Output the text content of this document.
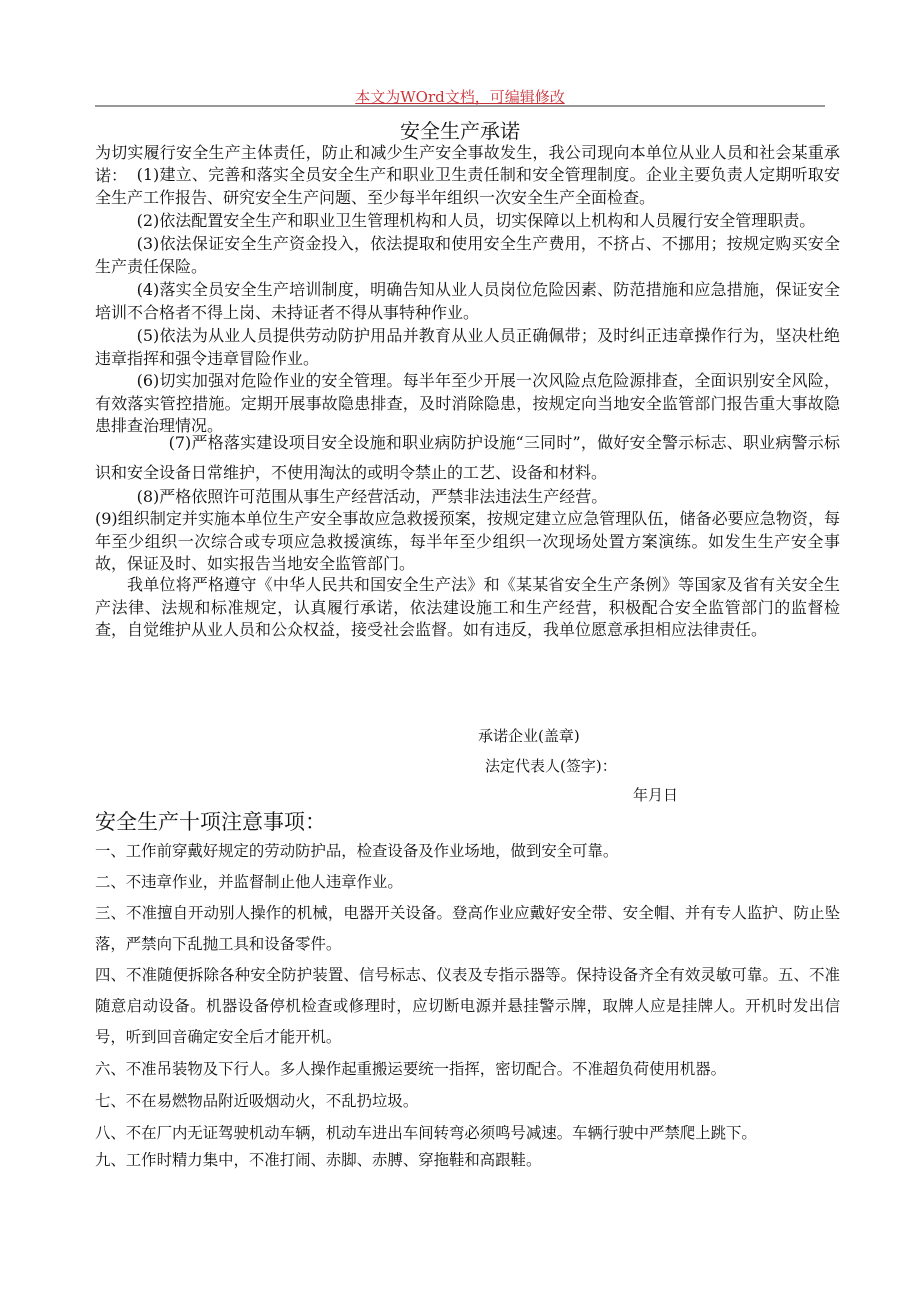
本文为WOrd文档，可编辑修改
安全生产承诺
为切实履行安全生产主体责任，防止和减少生产安全事故发生，我公司现向本单位从业人员和社会某重承诺： (1)建立、完善和落实全员安全生产和职业卫生责任制和安全管理制度。企业主要负责人定期听取安全生产工作报告、研究安全生产问题、至少每半年组织一次安全生产全面检查。
(2)依法配置安全生产和职业卫生管理机构和人员，切实保障以上机构和人员履行安全管理职责。
(3)依法保证安全生产资金投入，依法提取和使用安全生产费用，不挤占、不挪用；按规定购买安全生产责任保险。
(4)落实全员安全生产培训制度，明确告知从业人员岗位危险因素、防范措施和应急措施，保证安全培训不合格者不得上岗、未持证者不得从事特种作业。
(5)依法为从业人员提供劳动防护用品并教育从业人员正确佩带；及时纠正违章操作行为，坚决杜绝违章指挥和强令违章冒险作业。
(6)切实加强对危险作业的安全管理。每半年至少开展一次风险点危险源排查，全面识别安全风险，有效落实管控措施。定期开展事故隐患排查，及时消除隐患，按规定向当地安全监管部门报告重大事故隐患排查治理情况。
(7)严格落实建设项目安全设施和职业病防护设施“三同时”，做好安全警示标志、职业病警示标识和安全设备日常维护，不使用淘汰的或明令禁止的工艺、设备和材料。
(8)严格依照许可范围从事生产经营活动，严禁非法违法生产经营。
(9)组织制定并实施本单位生产安全事故应急救援预案，按规定建立应急管理队伍，储备必要应急物资，每年至少组织一次综合或专项应急救援演练，每半年至少组织一次现场处置方案演练。如发生生产安全事故，保证及时、如实报告当地安全监管部门。
我单位将严格遵守《中华人民共和国安全生产法》和《某某省安全生产条例》等国家及省有关安全生产法律、法规和标准规定，认真履行承诺，依法建设施工和生产经营，积极配合安全监管部门的监督检查，自觉维护从业人员和公众权益，接受社会监督。如有违反，我单位愿意承担相应法律责任。
承诺企业(盖章)
法定代表人(签字)：
年月日
安全生产十项注意事项：
一、工作前穿戴好规定的劳动防护品，检查设备及作业场地，做到安全可靠。
二、不违章作业，并监督制止他人违章作业。
三、不准擅自开动别人操作的机械，电器开关设备。登高作业应戴好安全带、安全帽、并有专人监护、防止坠落，严禁向下乱抛工具和设备零件。
四、不准随便拆除各种安全防护装置、信号标志、仪表及专指示器等。保持设备齐全有效灵敏可靠。五、不准随意启动设备。机器设备停机检查或修理时，应切断电源并悬挂警示牌，取牌人应是挂牌人。开机时发出信号，听到回音确定安全后才能开机。
六、不准吊装物及下行人。多人操作起重搬运要统一指挥，密切配合。不准超负荷使用机器。
七、不在易燃物品附近吸烟动火，不乱扔垃圾。
八、不在厂内无证驾驶机动车辆，机动车进出车间转弯必须鸣号减速。车辆行驶中严禁爬上跳下。
九、工作时精力集中，不准打闹、赤脚、赤膊、穿拖鞋和高跟鞋。
